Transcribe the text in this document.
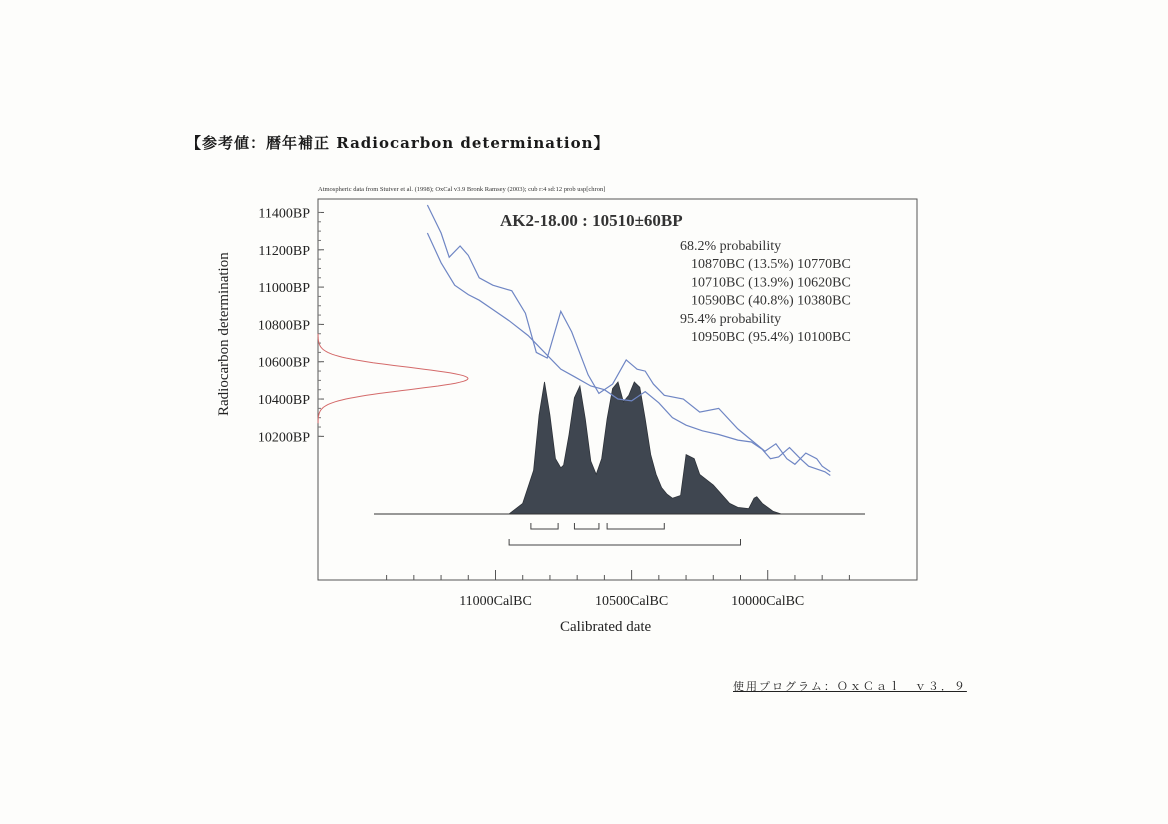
【参考値：暦年補正 Radiocarbon determination】
Atmospheric data from Stuiver et al. (1998); OxCal v3.9 Bronk Ramsey (2003); cub r:4 sd:12 prob usp[chron]
AK2-18.00 : 10510±60BP
Calibrated date
Radiocarbon determination
68.2% probability
10870BC (13.5%) 10770BC
10710BC (13.9%) 10620BC
10590BC (40.8%) 10380BC
95.4% probability
10950BC (95.4%) 10100BC
11400BP
11200BP
11000BP
10800BP
10600BP
10400BP
10200BP
11000CalBC	10500CalBC	10000CalBC
使用プログラム：ＯｘＣａｌ　ｖ３．９
